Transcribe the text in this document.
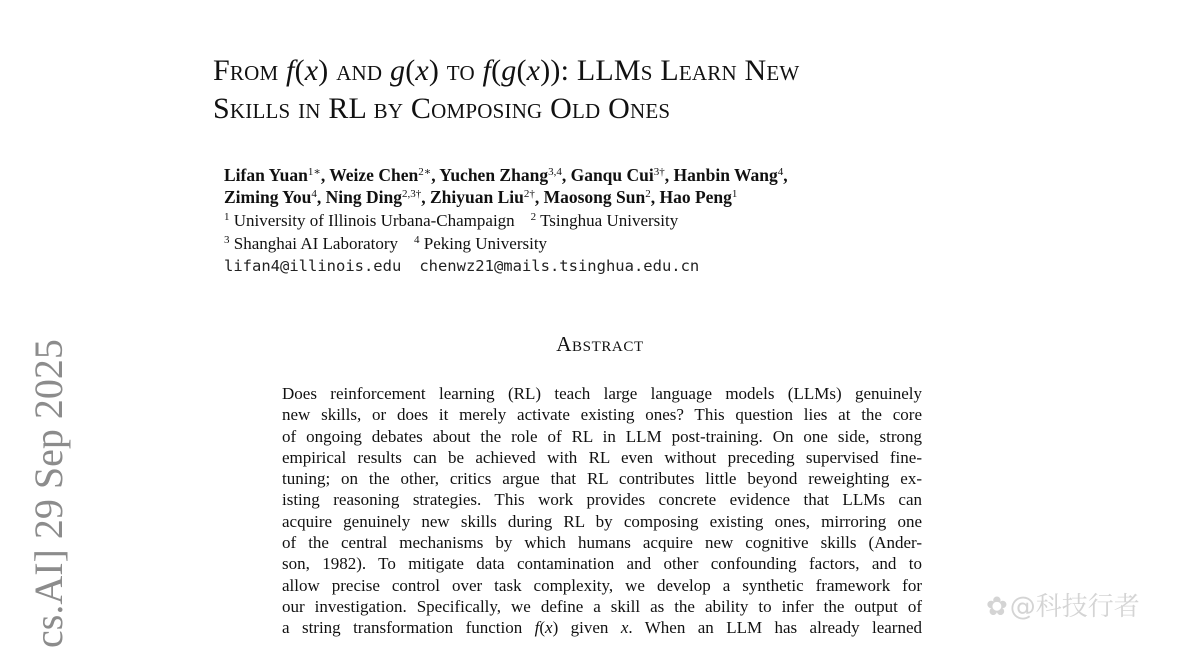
From f(x) and g(x) to f(g(x)): LLMs Learn New
Skills in RL by Composing Old Ones
Lifan Yuan$^{1∗}$, Weize Chen$^{2∗}$, Yuchen Zhang$^{3,4}$, Ganqu Cui$^{3\dagger}$, Hanbin Wang$^4$,
Ziming You$^4$, Ning Ding$^{2,3\dagger}$, Zhiyuan Liu$^{2\dagger}$, Maosong Sun$^2$, Hao Peng$^1$
$^1$ University of Illinois Urbana-Champaign $^2$ Tsinghua University
$^3$ Shanghai AI Laboratory $^4$ Peking University
lifan4@illinois.edu chenwz21@mails.tsinghua.edu.cn
Abstract
Does reinforcement learning (RL) teach large language models (LLMs) genuinely
new skills, or does it merely activate existing ones? This question lies at the core
of ongoing debates about the role of RL in LLM post-training. On one side, strong
empirical results can be achieved with RL even without preceding supervised fine-
tuning; on the other, critics argue that RL contributes little beyond reweighting ex-
isting reasoning strategies. This work provides concrete evidence that LLMs can
acquire genuinely new skills during RL by composing existing ones, mirroring one
of the central mechanisms by which humans acquire new cognitive skills (Ander-
son, 1982). To mitigate data contamination and other confounding factors, and to
allow precise control over task complexity, we develop a synthetic framework for
our investigation. Specifically, we define a skill as the ability to infer the output of
a string transformation function f(x) given x. When an LLM has already learned
cs.AI] 29 Sep 2025	✿@科技行者
